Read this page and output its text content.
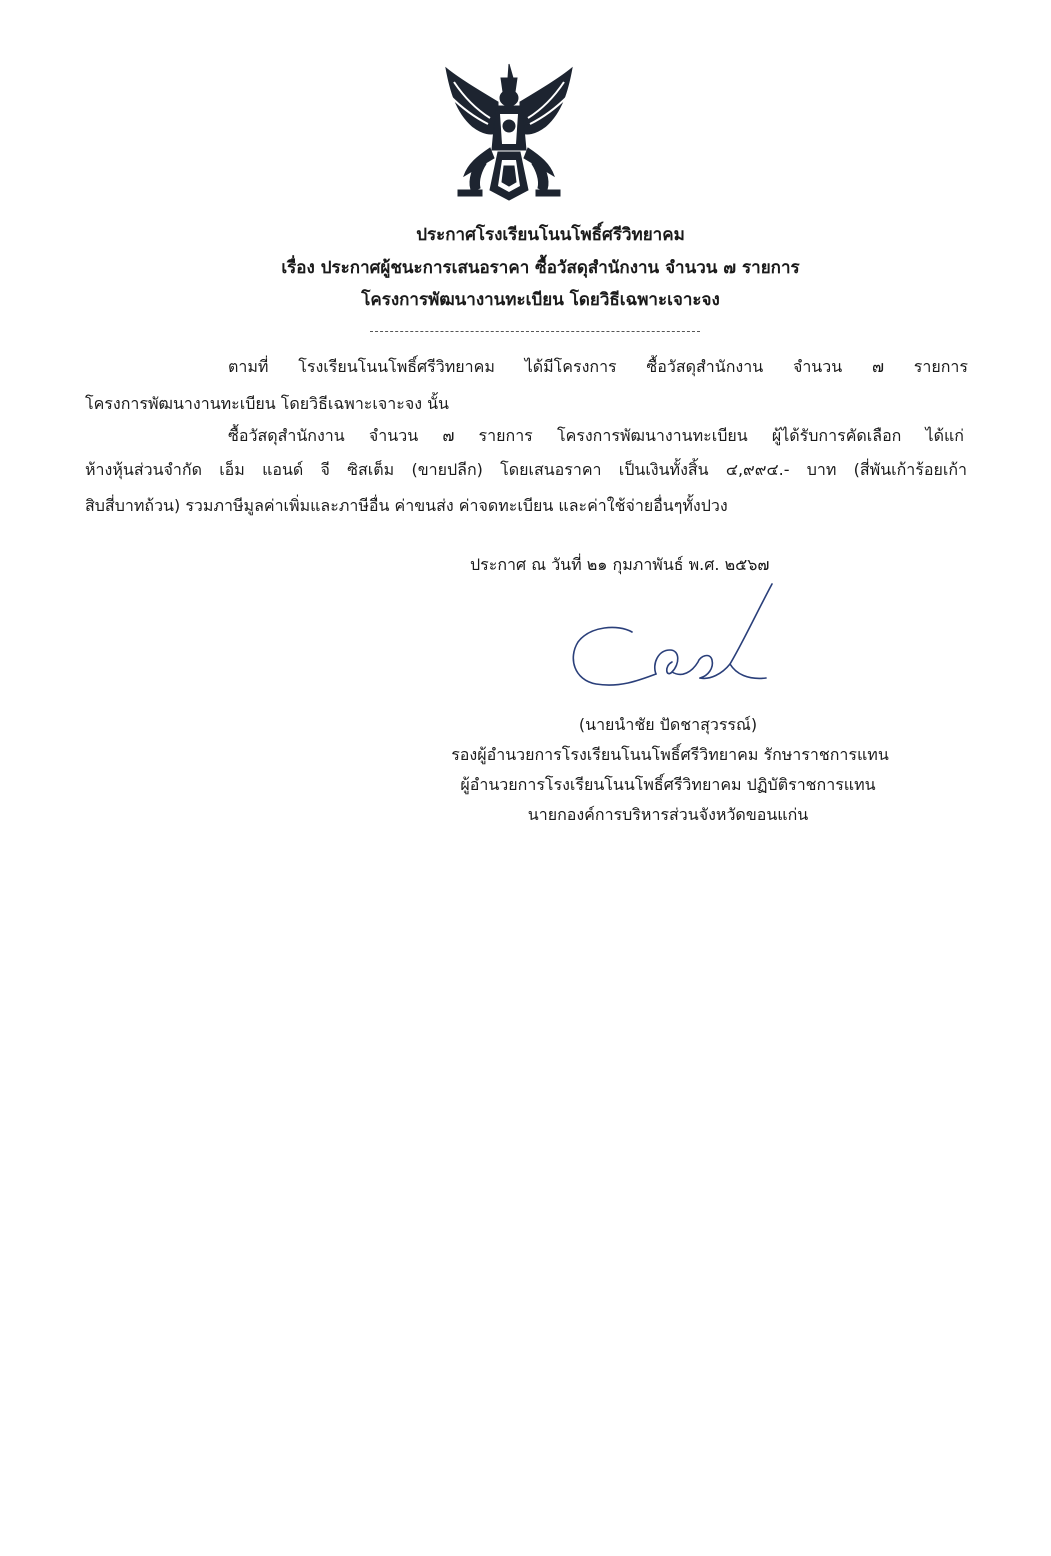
ประกาศโรงเรียนโนนโพธิ์ศรีวิทยาคม
เรื่อง ประกาศผู้ชนะการเสนอราคา ซื้อวัสดุสำนักงาน จำนวน ๗ รายการ
โครงการพัฒนางานทะเบียน โดยวิธีเฉพาะเจาะจง
ตามที่ โรงเรียนโนนโพธิ์ศรีวิทยาคม ได้มีโครงการ ซื้อวัสดุสำนักงาน จำนวน ๗ รายการ
โครงการพัฒนางานทะเบียน โดยวิธีเฉพาะเจาะจง นั้น
ซื้อวัสดุสำนักงาน จำนวน ๗ รายการ โครงการพัฒนางานทะเบียน ผู้ได้รับการคัดเลือก ได้แก่
ห้างหุ้นส่วนจำกัด เอ็ม แอนด์ จี ซิสเต็ม (ขายปลีก) โดยเสนอราคา เป็นเงินทั้งสิ้น ๔,๙๙๔.- บาท (สี่พันเก้าร้อยเก้า
สิบสี่บาทถ้วน) รวมภาษีมูลค่าเพิ่มและภาษีอื่น ค่าขนส่ง ค่าจดทะเบียน และค่าใช้จ่ายอื่นๆทั้งปวง
ประกาศ ณ วันที่ ๒๑ กุมภาพันธ์ พ.ศ. ๒๕๖๗
(นายนำชัย ปัดชาสุวรรณ์)
รองผู้อำนวยการโรงเรียนโนนโพธิ์ศรีวิทยาคม รักษาราชการแทน
ผู้อำนวยการโรงเรียนโนนโพธิ์ศรีวิทยาคม ปฏิบัติราชการแทน
นายกองค์การบริหารส่วนจังหวัดขอนแก่น
